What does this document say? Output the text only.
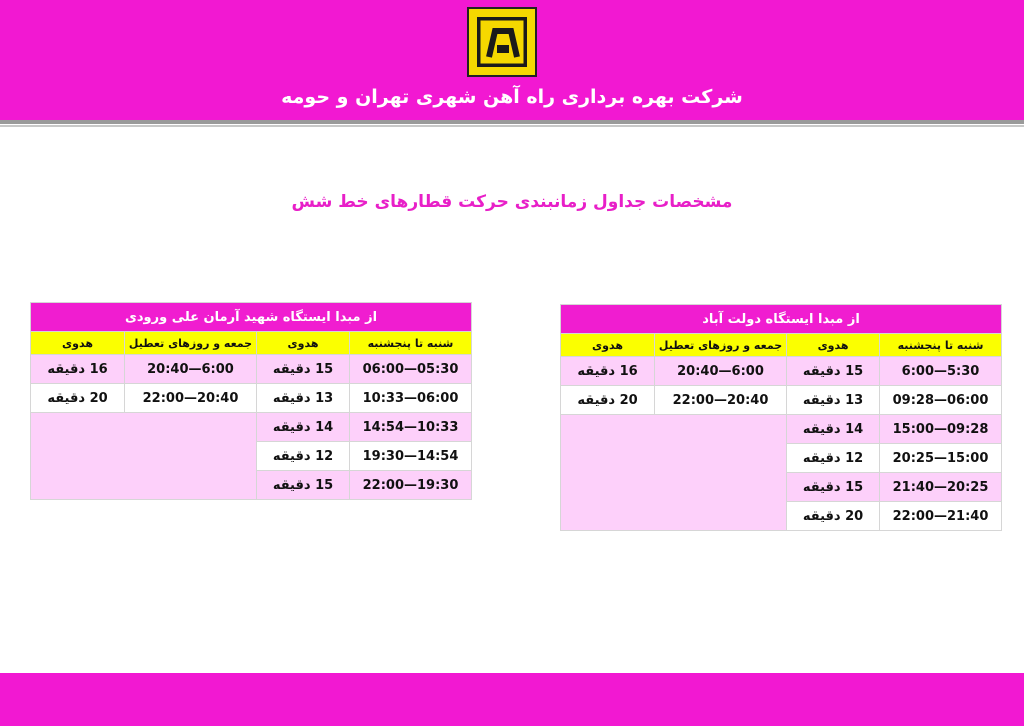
شرکت بهره برداری راه آهن شهری تهران و حومه
مشخصات جداول زمانبندی حرکت قطارهای خط شش
از مبدا ایستگاه شهید آرمان علی ورودی			
شنبه تا پنجشنبه	هدوی	جمعه و روزهای تعطیل	هدوی
05:30—06:00	15 دقیقه	6:00—20:40	16 دقیقه
06:00—10:33	13 دقیقه	20:40—22:00	20 دقیقه
10:33—14:54	14 دقیقه		
14:54—19:30	12 دقیقه		
19:30—22:00	15 دقیقه		
از مبدا ایستگاه دولت آباد			
شنبه تا پنجشنبه	هدوی	جمعه و روزهای تعطیل	هدوی
5:30—6:00	15 دقیقه	6:00—20:40	16 دقیقه
06:00—09:28	13 دقیقه	20:40—22:00	20 دقیقه
09:28—15:00	14 دقیقه		
15:00—20:25	12 دقیقه		
20:25—21:40	15 دقیقه		
21:40—22:00	20 دقیقه		
